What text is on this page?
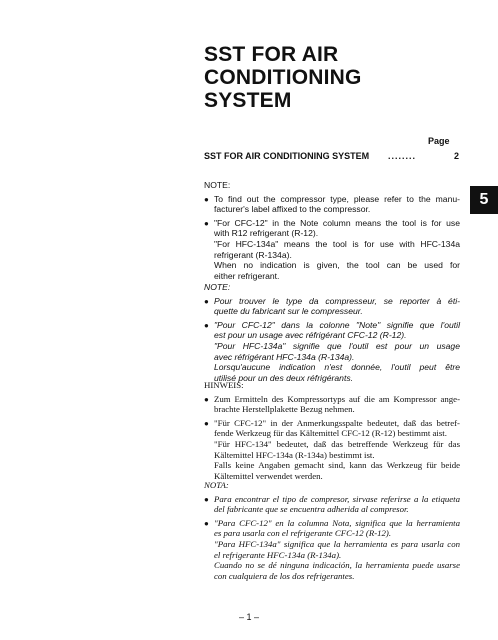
SST FOR AIR
CONDITIONING
SYSTEM
Page
SST FOR AIR CONDITIONING SYSTEM ........	2
5

NOTE:

● To find out the compressor type, please refer to the manu-
facturer's label affixed to the compressor.
● "For CFC-12" in the Note column means the tool is for use
with R12 refrigerant (R-12).
"For HFC-134a" means the tool is for use with HFC-134a
refrigerant (R-134a).
When no indication is given, the tool can be used for
either refrigerant.

NOTE:

● Pour trouver le type da compresseur, se reporter à éti-
quette du fabricant sur le compresseur.
● "Pour CFC-12" dans la colonne "Note" signifie que l'outil
est pour un usage avec réfrigérant CFC-12 (R-12).
"Pour HFC-134a" signifie que l'outil est pour un usage
avec réfrigérant HFC-134a (R-134a).
Lorsqu'aucune indication n'est donnée, l'outil peut être
utilisé pour un des deux réfrigérants.

HINWEIS:

● Zum Ermitteln des Kompressortyps auf die am Kompressor ange-
brachte Herstellplakette Bezug nehmen.
● "Für CFC-12" in der Anmerkungsspalte bedeutet, daß das betref-
fende Werkzeug für das Kältemittel CFC-12 (R-12) bestimmt aist.
"Für HFC-134" bedeutet, daß das betreffende Werkzeug für das
Kältemittel HFC-134a (R-134a) bestimmt ist.
Falls keine Angaben gemacht sind, kann das Werkzeug für beide
Kältemittel verwendet werden.

NOTA:

● Para encontrar el tipo de compresor, sirvase referirse a la etiqueta
del fabricante que se encuentra adherida al compresor.
● "Para CFC-12" en la columna Nota, significa que la herramienta
es para usarla con el refrigerante CFC-12 (R-12).
"Para HFC-134a" significa que la herramienta es para usarla con
el refrigerante HFC-134a (R-134a).
Cuando no se dé ninguna indicación, la herramienta puede usarse
con cualquiera de los dos refrigerantes.
– 1 –
